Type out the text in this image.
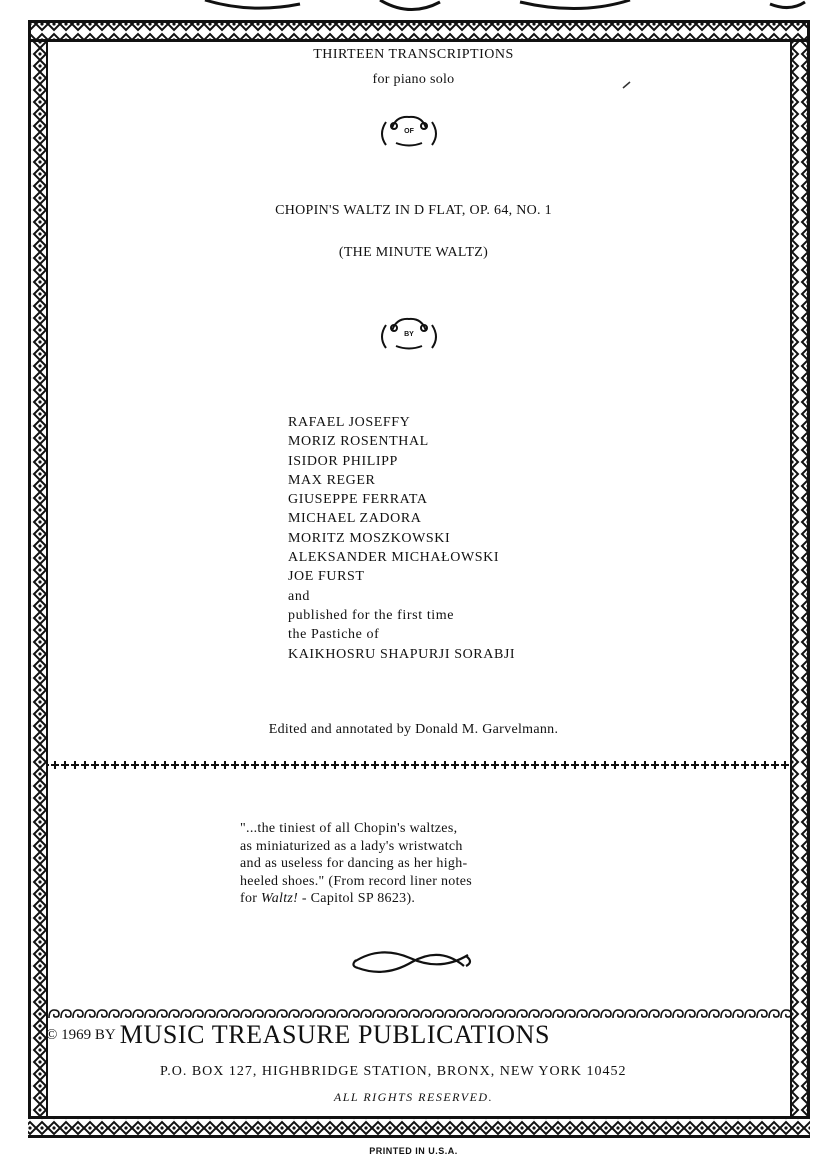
THIRTEEN TRANSCRIPTIONS
for piano solo
OF
CHOPIN'S WALTZ IN D FLAT, OP. 64, NO. 1
(THE MINUTE WALTZ)
BY
RAFAEL JOSEFFY
MORIZ ROSENTHAL
ISIDOR PHILIPP
MAX REGER
GIUSEPPE FERRATA
MICHAEL ZADORA
MORITZ MOSZKOWSKI
ALEKSANDER MICHAŁOWSKI
JOE FURST
and
published for the first time
the Pastiche of
KAIKHOSRU SHAPURJI SORABJI
Edited and annotated by Donald M. Garvelmann.
"...the tiniest of all Chopin's waltzes,
as miniaturized as a lady's wristwatch
and as useless for dancing as her high-
heeled shoes." (From record liner notes
for Waltz! - Capitol SP 8623).
© 1969 BY MUSIC TREASURE PUBLICATIONS
P.O. BOX 127, HIGHBRIDGE STATION, BRONX, NEW YORK 10452
ALL RIGHTS RESERVED.
PRINTED IN U.S.A.
